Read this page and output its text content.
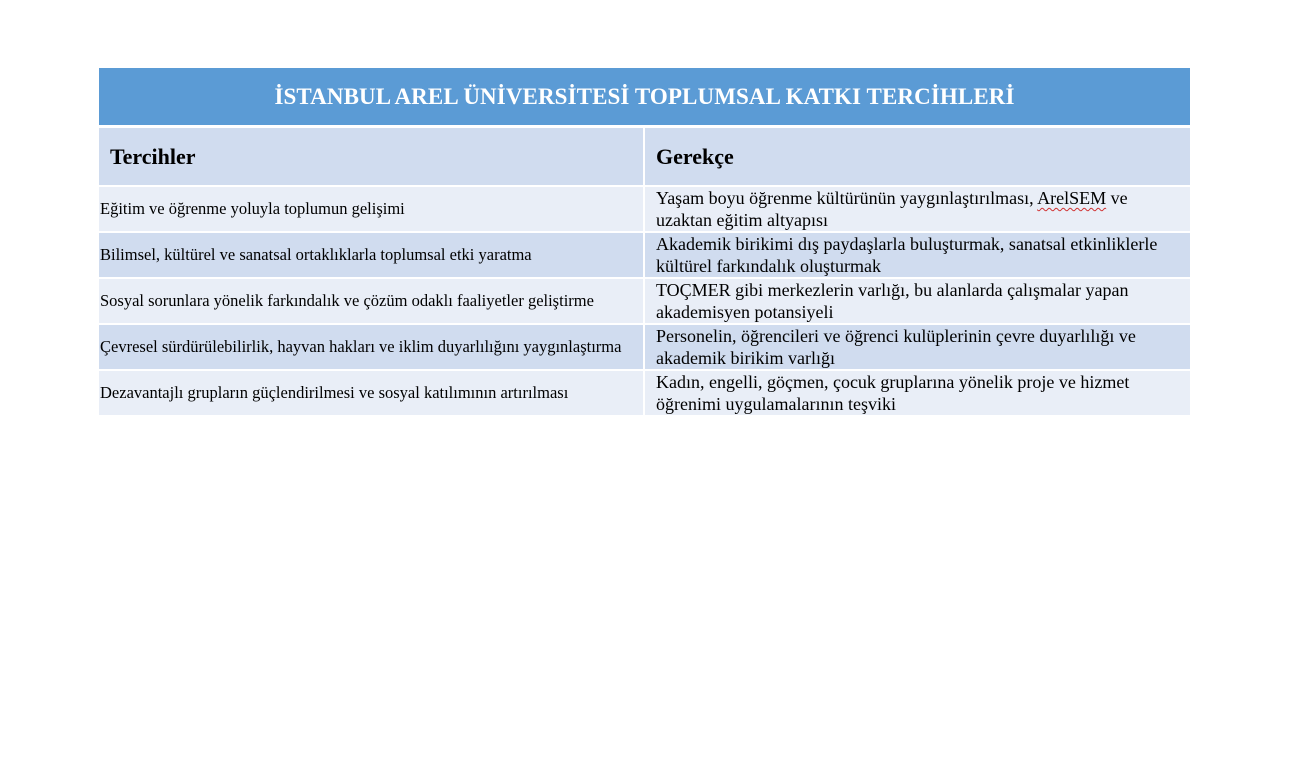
İSTANBUL AREL ÜNİVERSİTESİ TOPLUMSAL KATKI TERCİHLERİ
Tercihler	Gerekçe
Eğitim ve öğrenme yoluyla toplumun gelişimi
Yaşam boyu öğrenme kültürünün yaygınlaştırılması, ArelSEM ve uzaktan eğitim altyapısı
Bilimsel, kültürel ve sanatsal ortaklıklarla toplumsal etki yaratma
Akademik birikimi dış paydaşlarla buluşturmak, sanatsal etkinliklerle kültürel farkındalık oluşturmak
Sosyal sorunlara yönelik farkındalık ve çözüm odaklı faaliyetler geliştirme
TOÇMER gibi merkezlerin varlığı, bu alanlarda çalışmalar yapan akademisyen potansiyeli
Çevresel sürdürülebilirlik, hayvan hakları ve iklim duyarlılığını yaygınlaştırma
Personelin, öğrencileri ve öğrenci kulüplerinin çevre duyarlılığı ve akademik birikim varlığı
Dezavantajlı grupların güçlendirilmesi ve sosyal katılımının artırılması
Kadın, engelli, göçmen, çocuk gruplarına yönelik proje ve hizmet öğrenimi uygulamalarının teşviki
